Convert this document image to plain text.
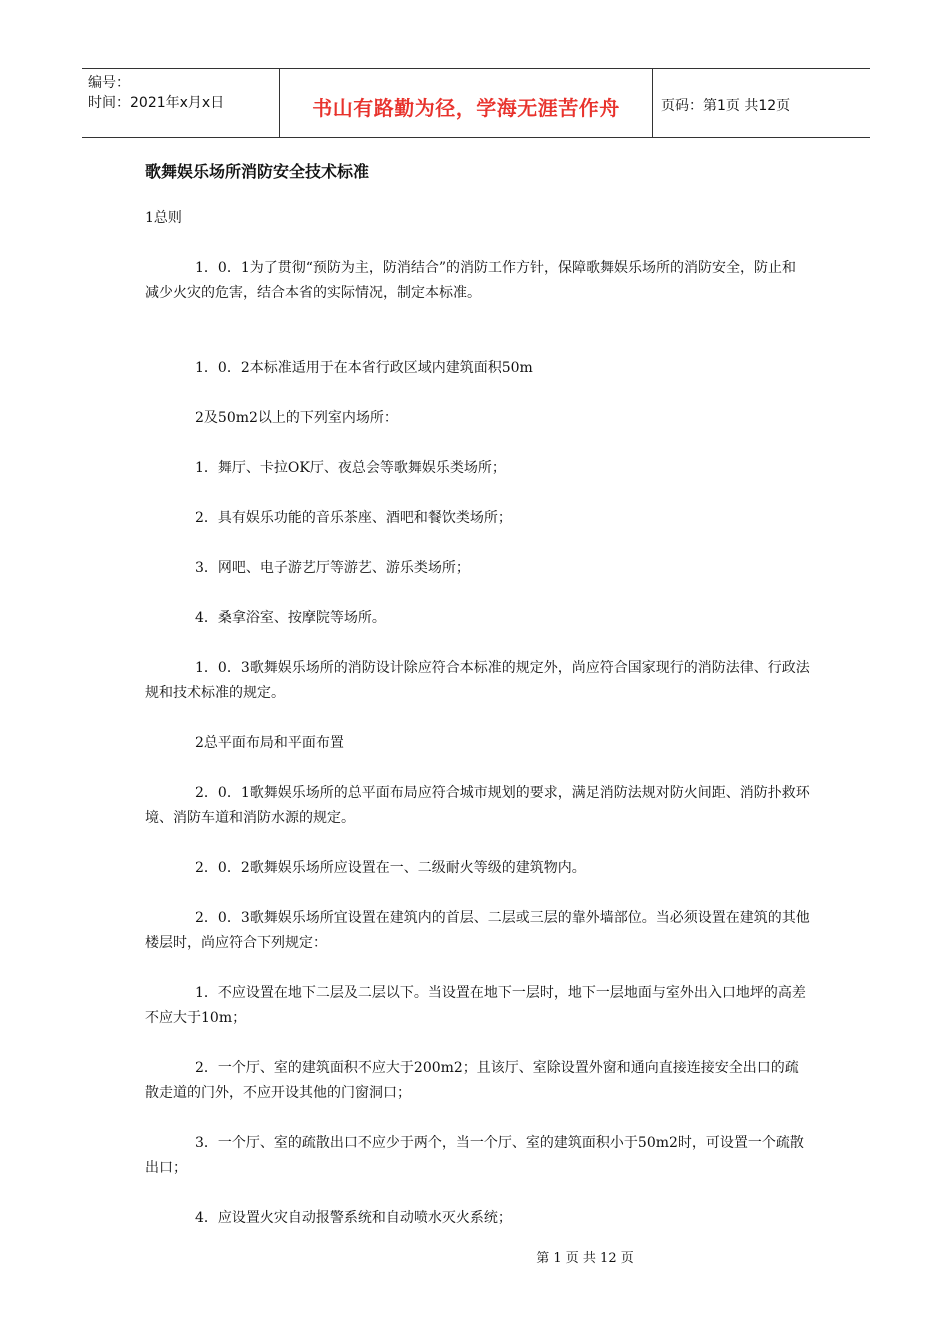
编号：
时间：2021年x月x日	书山有路勤为径，学海无涯苦作舟	页码：第1页 共12页
歌舞娱乐场所消防安全技术标准

1总则

1．0．1为了贯彻“预防为主，防消结合”的消防工作方针，保障歌舞娱乐场所的消防安全，防止和减少火灾的危害，结合本省的实际情况，制定本标准。

1．0．2本标准适用于在本省行政区域内建筑面积50m

2及50m2以上的下列室内场所：

1．舞厅、卡拉OK厅、夜总会等歌舞娱乐类场所；

2．具有娱乐功能的音乐茶座、酒吧和餐饮类场所；

3．网吧、电子游艺厅等游艺、游乐类场所；

4．桑拿浴室、按摩院等场所。

1．0．3歌舞娱乐场所的消防设计除应符合本标准的规定外，尚应符合国家现行的消防法律、行政法规和技术标准的规定。

2总平面布局和平面布置

2．0．1歌舞娱乐场所的总平面布局应符合城市规划的要求，满足消防法规对防火间距、消防扑救环境、消防车道和消防水源的规定。

2．0．2歌舞娱乐场所应设置在一、二级耐火等级的建筑物内。

2．0．3歌舞娱乐场所宜设置在建筑内的首层、二层或三层的靠外墙部位。当必须设置在建筑的其他楼层时，尚应符合下列规定：

1．不应设置在地下二层及二层以下。当设置在地下一层时，地下一层地面与室外出入口地坪的高差不应大于10m；

2．一个厅、室的建筑面积不应大于200m2；且该厅、室除设置外窗和通向直接连接安全出口的疏散走道的门外，不应开设其他的门窗洞口；

3．一个厅、室的疏散出口不应少于两个，当一个厅、室的建筑面积小于50m2时，可设置一个疏散出口；

4．应设置火灾自动报警系统和自动喷水灭火系统；

第 1 页 共 12 页
